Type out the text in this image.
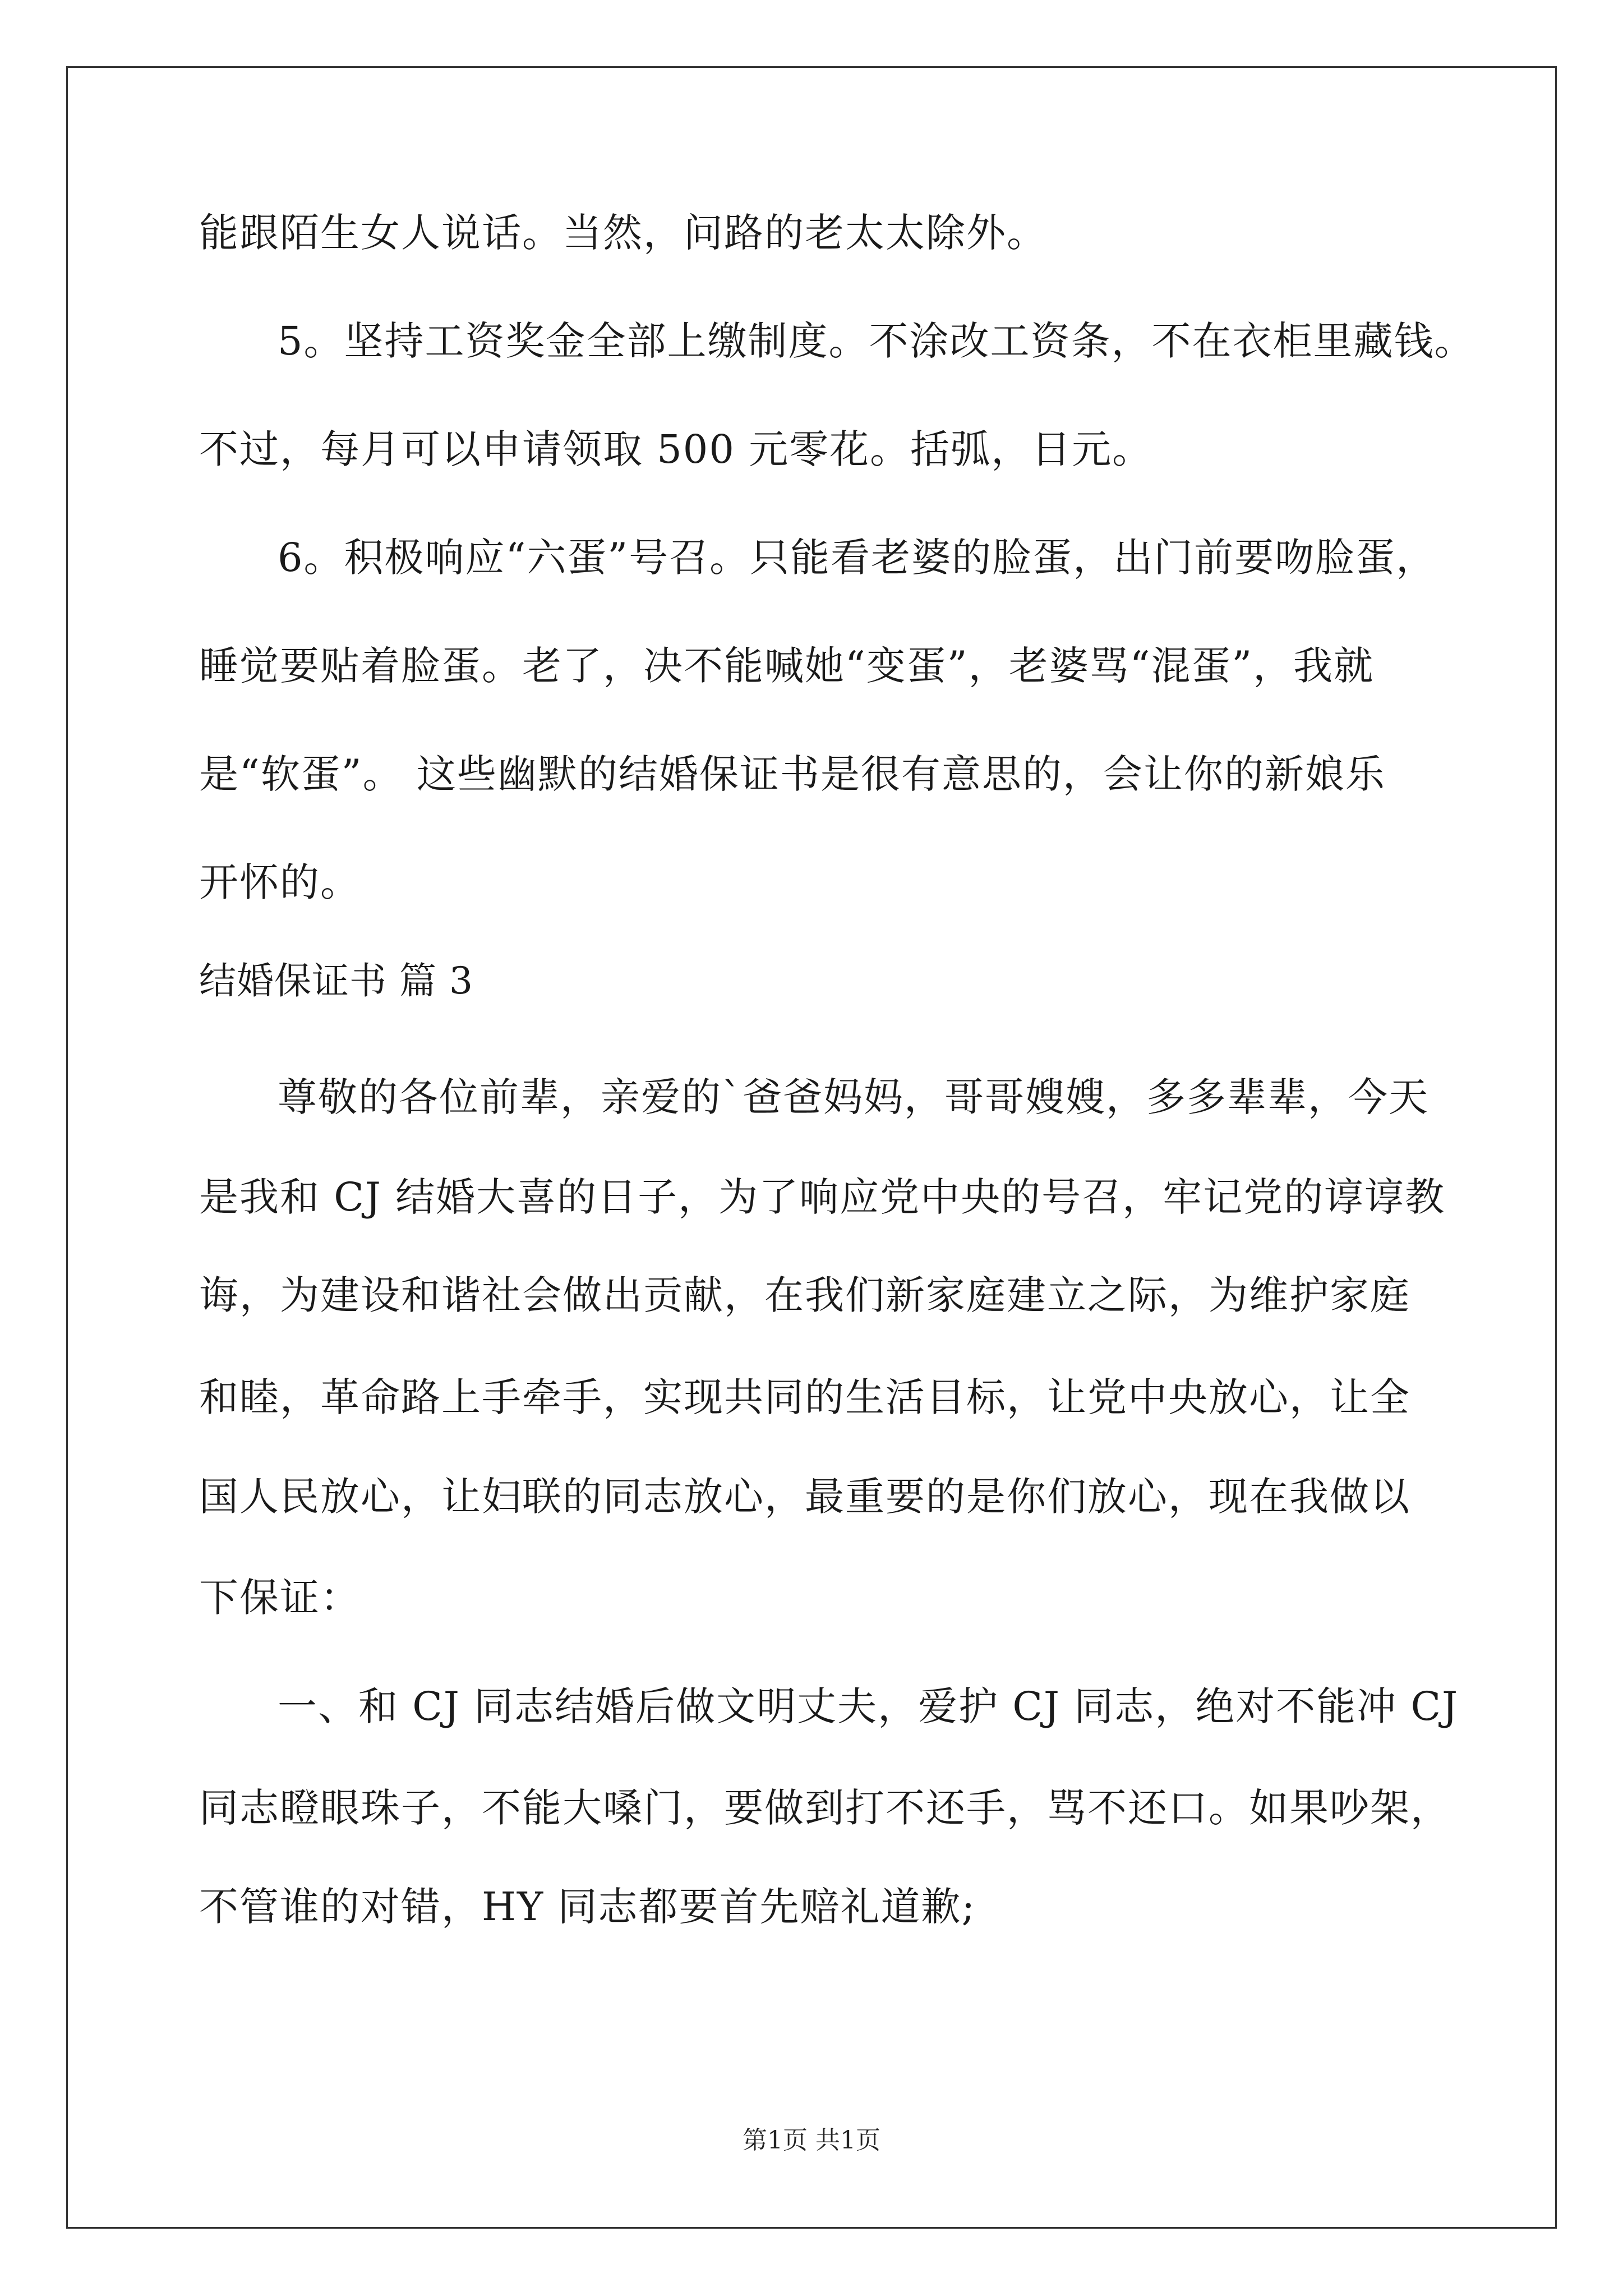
能跟陌生女人说话。当然，问路的老太太除外。

5。坚持工资奖金全部上缴制度。不涂改工资条，不在衣柜里藏钱。

不过，每月可以申请领取 500 元零花。括弧，日元。

6。积极响应“六蛋”号召。只能看老婆的脸蛋，出门前要吻脸蛋，

睡觉要贴着脸蛋。老了，决不能喊她“变蛋”，老婆骂“混蛋”，我就

是“软蛋”。 这些幽默的结婚保证书是很有意思的，会让你的新娘乐

开怀的。

结婚保证书 篇 3

尊敬的各位前辈，亲爱的`爸爸妈妈，哥哥嫂嫂，多多辈辈，今天

是我和 CJ 结婚大喜的日子，为了响应党中央的号召，牢记党的谆谆教

诲，为建设和谐社会做出贡献，在我们新家庭建立之际，为维护家庭

和睦，革命路上手牵手，实现共同的生活目标，让党中央放心，让全

国人民放心，让妇联的同志放心，最重要的是你们放心，现在我做以

下保证：

一、和 CJ 同志结婚后做文明丈夫，爱护 CJ 同志，绝对不能冲 CJ

同志瞪眼珠子，不能大嗓门，要做到打不还手，骂不还口。如果吵架，

不管谁的对错，HY 同志都要首先赔礼道歉;

第1页 共1页
